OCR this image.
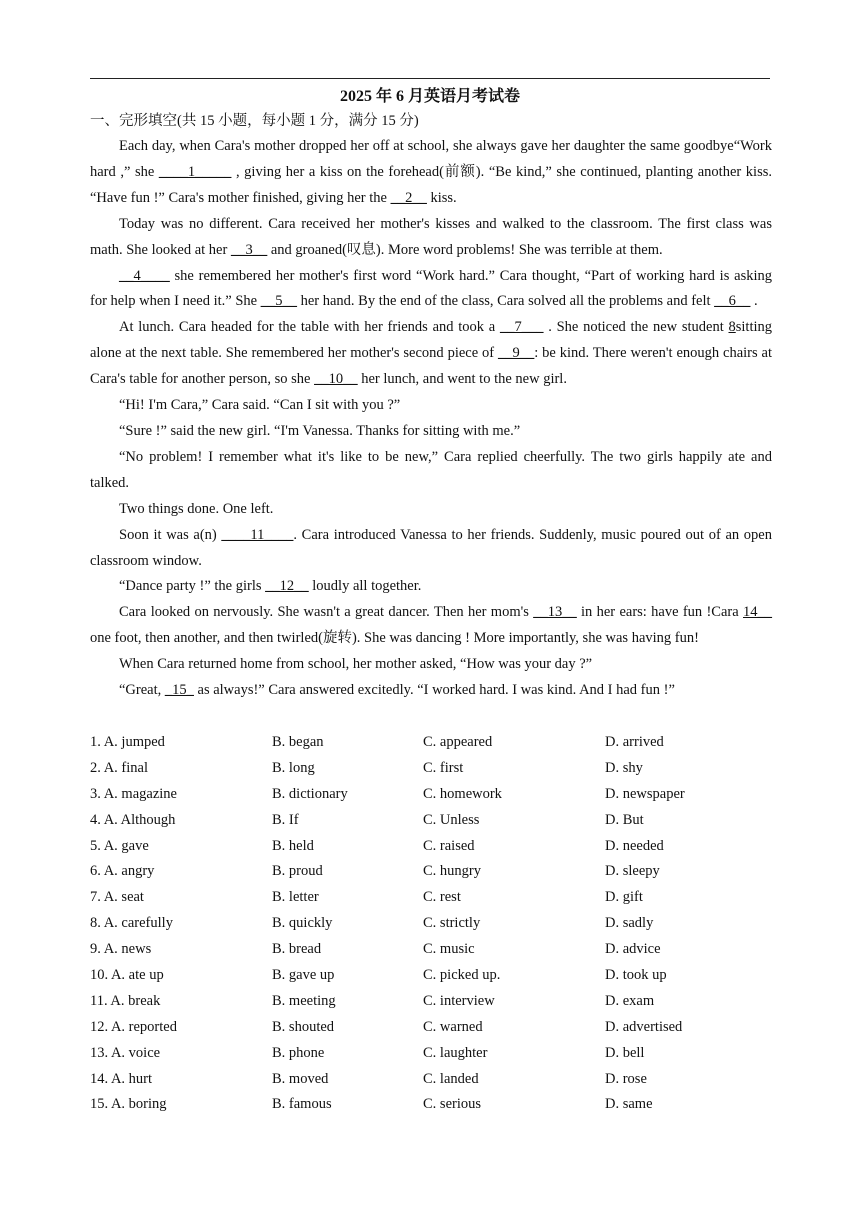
2025 年 6 月英语月考试卷
一、完形填空(共 15 小题，每小题 1 分，满分 15 分)

Each day, when Cara's mother dropped her off at school, she always gave her daughter the same goodbye“Work hard ,” she ____1_____ , giving her a kiss on the forehead(前额). “Be kind,” she continued, planting another kiss. “Have fun !” Cara's mother finished, giving her the __2__ kiss.

Today was no different. Cara received her mother's kisses and walked to the classroom. The first class was math. She looked at her __3__ and groaned(叹息). More word problems! She was terrible at them.

__4____ she remembered her mother's first word “Work hard.” Cara thought, “Part of working hard is asking for help when I need it.” She __5__ her hand. By the end of the class, Cara solved all the problems and felt __6__ .

At lunch. Cara headed for the table with her friends and took a __7___ . She noticed the new student 8sitting alone at the next table. She remembered her mother's second piece of __9__: be kind. There weren't enough chairs at Cara's table for another person, so she __10__ her lunch, and went to the new girl.

“Hi! I'm Cara,” Cara said. “Can I sit with you ?”

“Sure !” said the new girl. “I'm Vanessa. Thanks for sitting with me.”

“No problem! I remember what it's like to be new,” Cara replied cheerfully. The two girls happily ate and talked.

Two things done. One left.

Soon it was a(n) ____11____. Cara introduced Vanessa to her friends. Suddenly, music poured out of an open classroom window.

“Dance party !” the girls __12__ loudly all together.

Cara looked on nervously. She wasn't a great dancer. Then her mom's __13__ in her ears: have fun !Cara 14__ one foot, then another, and then twirled(旋转). She was dancing ! More importantly, she was having fun!

When Cara returned home from school, her mother asked, “How was your day ?”

“Great, _15_ as always!” Cara answered excitedly. “I worked hard. I was kind. And I had fun !”

1. A. jumped	B. began	C. appeared	D. arrived
2. A. final	B. long	C. first	D. shy
3. A. magazine	B. dictionary	C. homework	D. newspaper
4. A. Although	B. If	C. Unless	D. But
5. A. gave	B. held	C. raised	D. needed
6. A. angry	B. proud	C. hungry	D. sleepy
7. A. seat	B. letter	C. rest	D. gift
8. A. carefully	B. quickly	C. strictly	D. sadly
9. A. news	B. bread	C. music	D. advice
10. A. ate up	B. gave up	C. picked up.	D. took up
11. A. break	B. meeting	C. interview	D. exam
12. A. reported	B. shouted	C. warned	D. advertised
13. A. voice	B. phone	C. laughter	D. bell
14. A. hurt	B. moved	C. landed	D. rose
15. A. boring	B. famous	C. serious	D. same
